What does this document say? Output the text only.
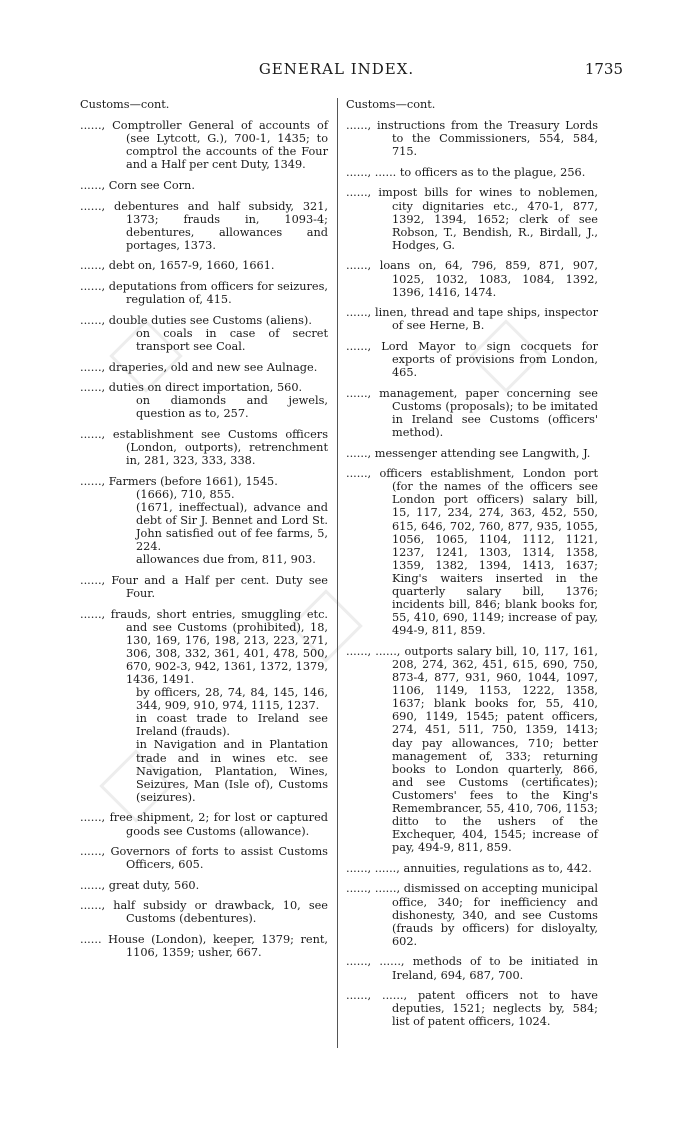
GENERAL INDEX.	1735
Customs—cont.
......, Comptroller General of accounts of (see Lytcott, G.), 700-1, 1435; to comptrol the accounts of the Four and a Half per cent Duty, 1349.
......, Corn see Corn.
......, debentures and half subsidy, 321, 1373; frauds in, 1093-4; debentures, allowances and portages, 1373.
......, debt on, 1657-9, 1660, 1661.
......, deputations from officers for seizures, regulation of, 415.
......, double duties see Customs (aliens).
on coals in case of secret transport see Coal.
......, draperies, old and new see Aulnage.
......, duties on direct importation, 560.
on diamonds and jewels, question as to, 257.
......, establishment see Customs officers (London, outports), retrenchment in, 281, 323, 333, 338.
......, Farmers (before 1661), 1545.
(1666), 710, 855.
(1671, ineffectual), advance and debt of Sir J. Bennet and Lord St. John satisfied out of fee farms, 5, 224.
allowances due from, 811, 903.
......, Four and a Half per cent. Duty see Four.
......, frauds, short entries, smuggling etc. and see Customs (prohibited), 18, 130, 169, 176, 198, 213, 223, 271, 306, 308, 332, 361, 401, 478, 500, 670, 902-3, 942, 1361, 1372, 1379, 1436, 1491.
by officers, 28, 74, 84, 145, 146, 344, 909, 910, 974, 1115, 1237.
in coast trade to Ireland see Ireland (frauds).
in Navigation and in Plantation trade and in wines etc. see Navigation, Plantation, Wines, Seizures, Man (Isle of), Customs (seizures).
......, free shipment, 2; for lost or captured goods see Customs (allowance).
......, Governors of forts to assist Customs Officers, 605.
......, great duty, 560.
......, half subsidy or drawback, 10, see Customs (debentures).
...... House (London), keeper, 1379; rent, 1106, 1359; usher, 667.
Customs—cont.
......, instructions from the Treasury Lords to the Commissioners, 554, 584, 715.
......, ...... to officers as to the plague, 256.
......, impost bills for wines to noblemen, city dignitaries etc., 470-1, 877, 1392, 1394, 1652; clerk of see Robson, T., Bendish, R., Birdall, J., Hodges, G.
......, loans on, 64, 796, 859, 871, 907, 1025, 1032, 1083, 1084, 1392, 1396, 1416, 1474.
......, linen, thread and tape ships, inspector of see Herne, B.
......, Lord Mayor to sign cocquets for exports of provisions from London, 465.
......, management, paper concerning see Customs (proposals); to be imitated in Ireland see Customs (officers' method).
......, messenger attending see Langwith, J.
......, officers establishment, London port (for the names of the officers see London port officers) salary bill, 15, 117, 234, 274, 363, 452, 550, 615, 646, 702, 760, 877, 935, 1055, 1056, 1065, 1104, 1112, 1121, 1237, 1241, 1303, 1314, 1358, 1359, 1382, 1394, 1413, 1637; King's waiters inserted in the quarterly salary bill, 1376; incidents bill, 846; blank books for, 55, 410, 690, 1149; increase of pay, 494-9, 811, 859.
......, ......, outports salary bill, 10, 117, 161, 208, 274, 362, 451, 615, 690, 750, 873-4, 877, 931, 960, 1044, 1097, 1106, 1149, 1153, 1222, 1358, 1637; blank books for, 55, 410, 690, 1149, 1545; patent officers, 274, 451, 511, 750, 1359, 1413; day pay allowances, 710; better management of, 333; returning books to London quarterly, 866, and see Customs (certificates); Customers' fees to the King's Remembrancer, 55, 410, 706, 1153; ditto to the ushers of the Exchequer, 404, 1545; increase of pay, 494-9, 811, 859.
......, ......, annuities, regulations as to, 442.
......, ......, dismissed on accepting municipal office, 340; for inefficiency and dishonesty, 340, and see Customs (frauds by officers) for disloyalty, 602.
......, ......, methods of to be initiated in Ireland, 694, 687, 700.
......, ......, patent officers not to have deputies, 1521; neglects by, 584; list of patent officers, 1024.
